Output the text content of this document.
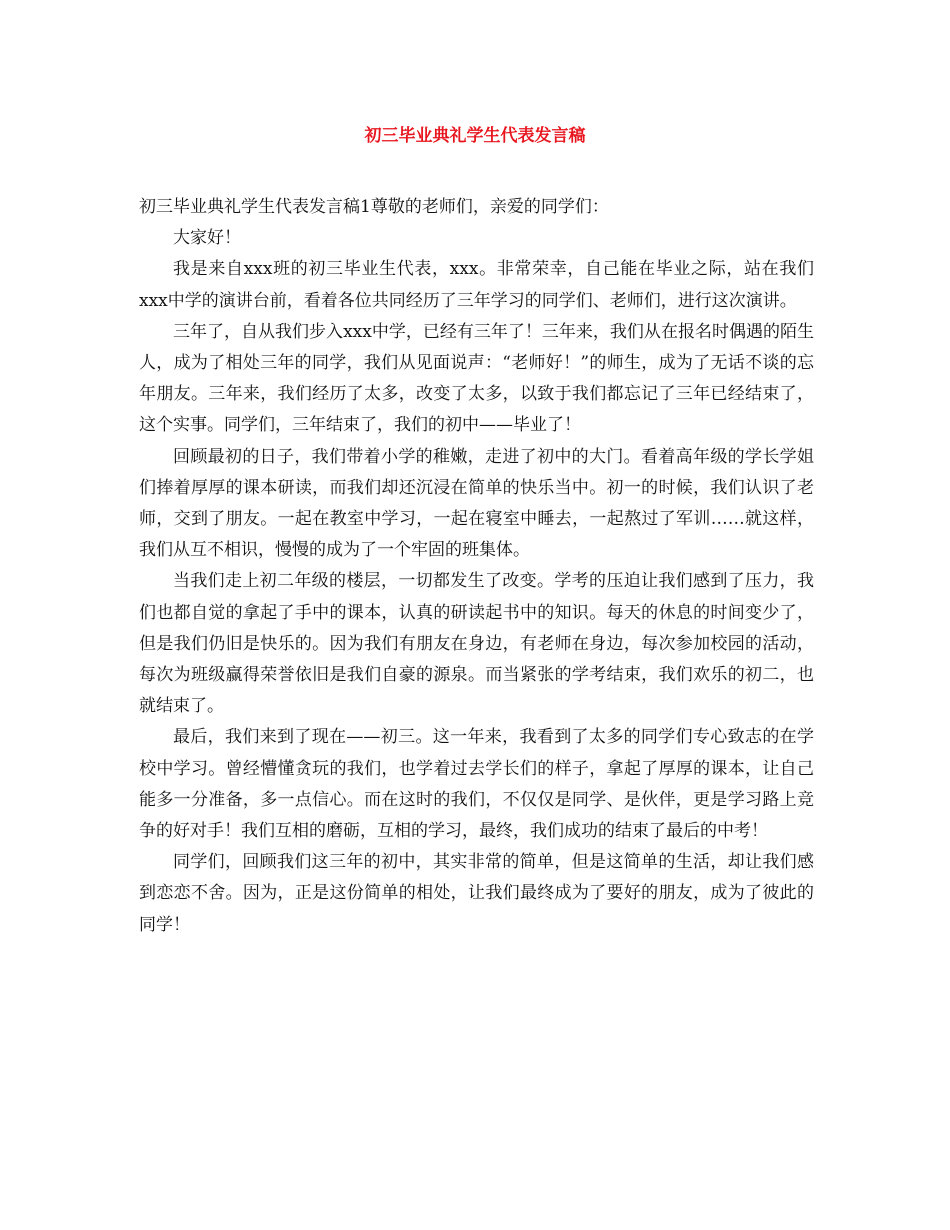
初三毕业典礼学生代表发言稿

初三毕业典礼学生代表发言稿1尊敬的老师们，亲爱的同学们：

大家好！

我是来自xxx班的初三毕业生代表，xxx。非常荣幸，自己能在毕业之际，站在我们xxx中学的演讲台前，看着各位共同经历了三年学习的同学们、老师们，进行这次演讲。

三年了，自从我们步入xxx中学，已经有三年了！三年来，我们从在报名时偶遇的陌生人，成为了相处三年的同学，我们从见面说声：“老师好！”的师生，成为了无话不谈的忘年朋友。三年来，我们经历了太多，改变了太多，以致于我们都忘记了三年已经结束了，这个实事。同学们，三年结束了，我们的初中——毕业了！

回顾最初的日子，我们带着小学的稚嫩，走进了初中的大门。看着高年级的学长学姐们捧着厚厚的课本研读，而我们却还沉浸在简单的快乐当中。初一的时候，我们认识了老师，交到了朋友。一起在教室中学习，一起在寝室中睡去，一起熬过了军训……就这样，我们从互不相识，慢慢的成为了一个牢固的班集体。

当我们走上初二年级的楼层，一切都发生了改变。学考的压迫让我们感到了压力，我们也都自觉的拿起了手中的课本，认真的研读起书中的知识。每天的休息的时间变少了，但是我们仍旧是快乐的。因为我们有朋友在身边，有老师在身边，每次参加校园的活动，每次为班级赢得荣誉依旧是我们自豪的源泉。而当紧张的学考结束，我们欢乐的初二，也就结束了。

最后，我们来到了现在——初三。这一年来，我看到了太多的同学们专心致志的在学校中学习。曾经懵懂贪玩的我们，也学着过去学长们的样子，拿起了厚厚的课本，让自己能多一分准备，多一点信心。而在这时的我们，不仅仅是同学、是伙伴，更是学习路上竞争的好对手！我们互相的磨砺，互相的学习，最终，我们成功的结束了最后的中考！

同学们，回顾我们这三年的初中，其实非常的简单，但是这简单的生活，却让我们感到恋恋不舍。因为，正是这份简单的相处，让我们最终成为了要好的朋友，成为了彼此的同学！
